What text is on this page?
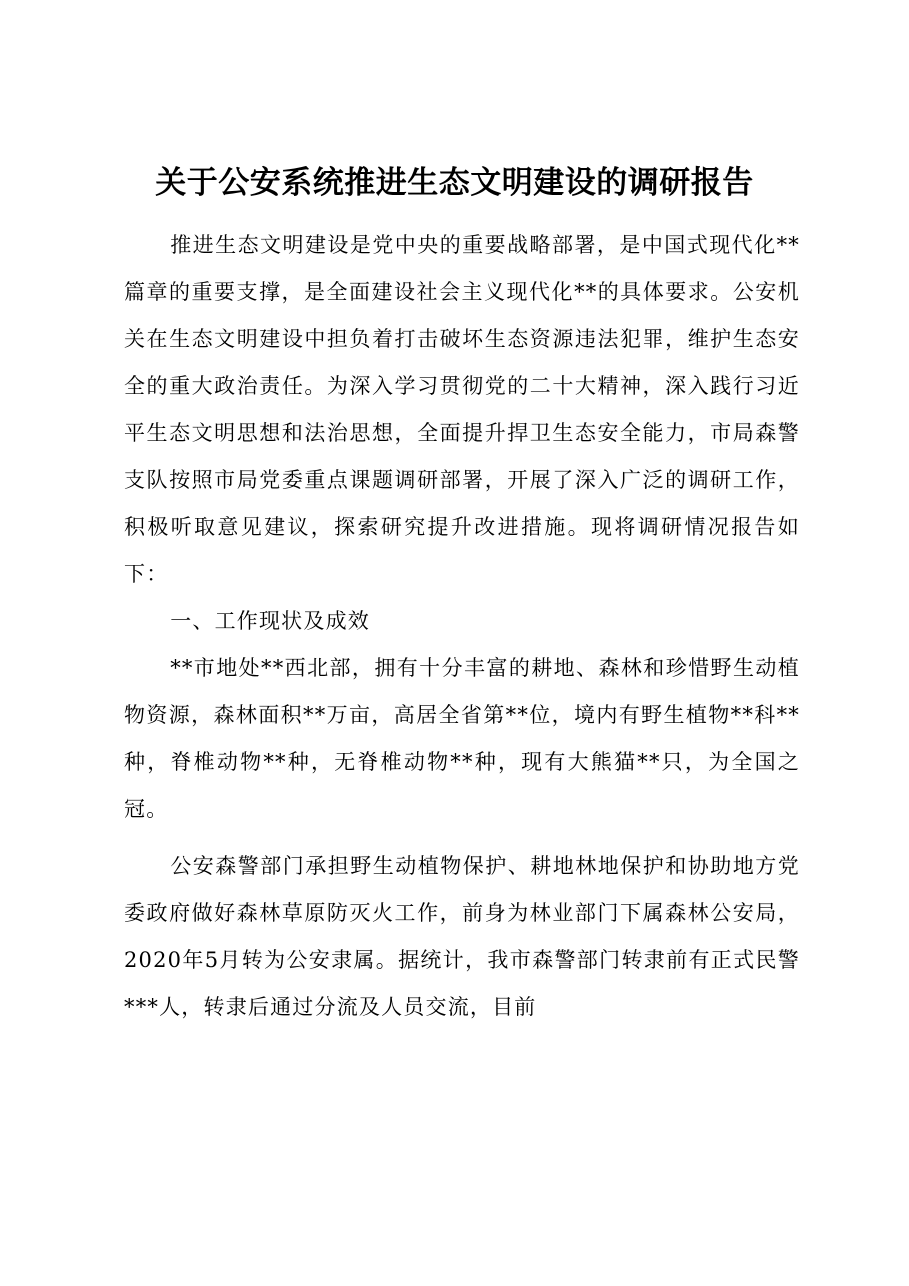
关于公安系统推进生态文明建设的调研报告

推进生态文明建设是党中央的重要战略部署，是中国式现代化**篇章的重要支撑，是全面建设社会主义现代化**的具体要求。公安机关在生态文明建设中担负着打击破坏生态资源违法犯罪，维护生态安全的重大政治责任。为深入学习贯彻党的二十大精神，深入践行习近平生态文明思想和法治思想，全面提升捍卫生态安全能力，市局森警支队按照市局党委重点课题调研部署，开展了深入广泛的调研工作，积极听取意见建议，探索研究提升改进措施。现将调研情况报告如下：

一、工作现状及成效

**市地处**西北部，拥有十分丰富的耕地、森林和珍惜野生动植物资源，森林面积**万亩，高居全省第**位，境内有野生植物**科**种，脊椎动物**种，无脊椎动物**种，现有大熊猫**只，为全国之冠。

公安森警部门承担野生动植物保护、耕地林地保护和协助地方党委政府做好森林草原防灭火工作，前身为林业部门下属森林公安局，2020年5月转为公安隶属。据统计，我市森警部门转隶前有正式民警***人，转隶后通过分流及人员交流，目前
